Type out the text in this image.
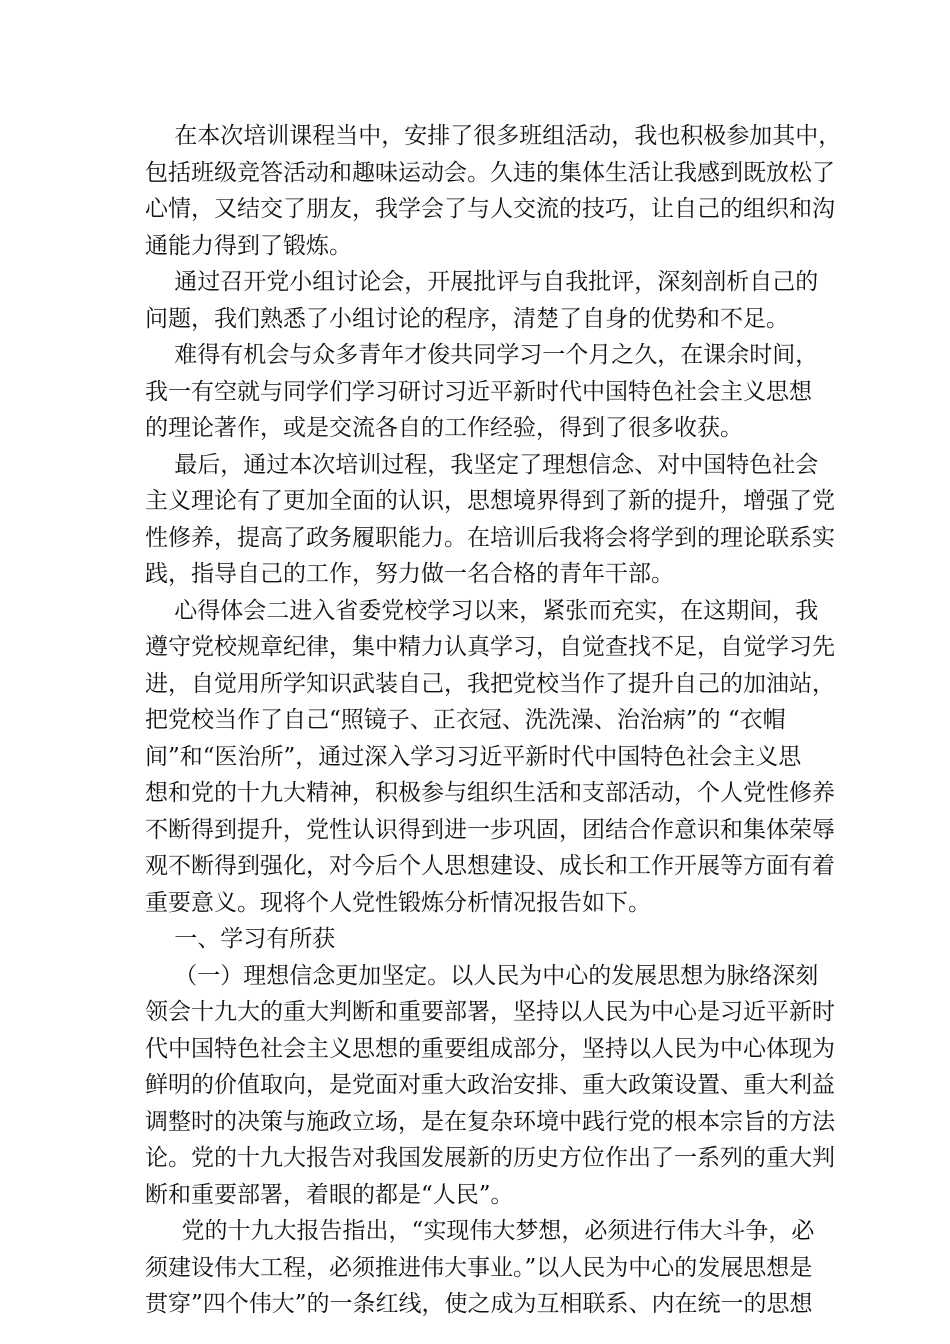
在本次培训课程当中，安排了很多班组活动，我也积极参加其中，
包括班级竞答活动和趣味运动会。久违的集体生活让我感到既放松了
心情，又结交了朋友，我学会了与人交流的技巧，让自己的组织和沟
通能力得到了锻炼。
通过召开党小组讨论会，开展批评与自我批评，深刻剖析自己的
问题，我们熟悉了小组讨论的程序，清楚了自身的优势和不足。
难得有机会与众多青年才俊共同学习一个月之久，在课余时间，
我一有空就与同学们学习研讨习近平新时代中国特色社会主义思想
的理论著作，或是交流各自的工作经验，得到了很多收获。
最后，通过本次培训过程，我坚定了理想信念、对中国特色社会
主义理论有了更加全面的认识，思想境界得到了新的提升，增强了党
性修养，提高了政务履职能力。在培训后我将会将学到的理论联系实
践，指导自己的工作，努力做一名合格的青年干部。
心得体会二进入省委党校学习以来，紧张而充实，在这期间，我
遵守党校规章纪律，集中精力认真学习，自觉查找不足，自觉学习先
进，自觉用所学知识武装自己，我把党校当作了提升自己的加油站，
把党校当作了自己“照镜子、正衣冠、洗洗澡、治治病”的 “衣帽
间”和“医治所”，通过深入学习习近平新时代中国特色社会主义思
想和党的十九大精神，积极参与组织生活和支部活动，个人党性修养
不断得到提升，党性认识得到进一步巩固，团结合作意识和集体荣辱
观不断得到强化，对今后个人思想建设、成长和工作开展等方面有着
重要意义。现将个人党性锻炼分析情况报告如下。
一、学习有所获
（一）理想信念更加坚定。以人民为中心的发展思想为脉络深刻
领会十九大的重大判断和重要部署，坚持以人民为中心是习近平新时
代中国特色社会主义思想的重要组成部分，坚持以人民为中心体现为
鲜明的价值取向，是党面对重大政治安排、重大政策设置、重大利益
调整时的决策与施政立场，是在复杂环境中践行党的根本宗旨的方法
论。党的十九大报告对我国发展新的历史方位作出了一系列的重大判
断和重要部署，着眼的都是“人民”。
党的十九大报告指出，“实现伟大梦想，必须进行伟大斗争，必
须建设伟大工程，必须推进伟大事业。”以人民为中心的发展思想是
贯穿”四个伟大”的一条红线，使之成为互相联系、内在统一的思想
